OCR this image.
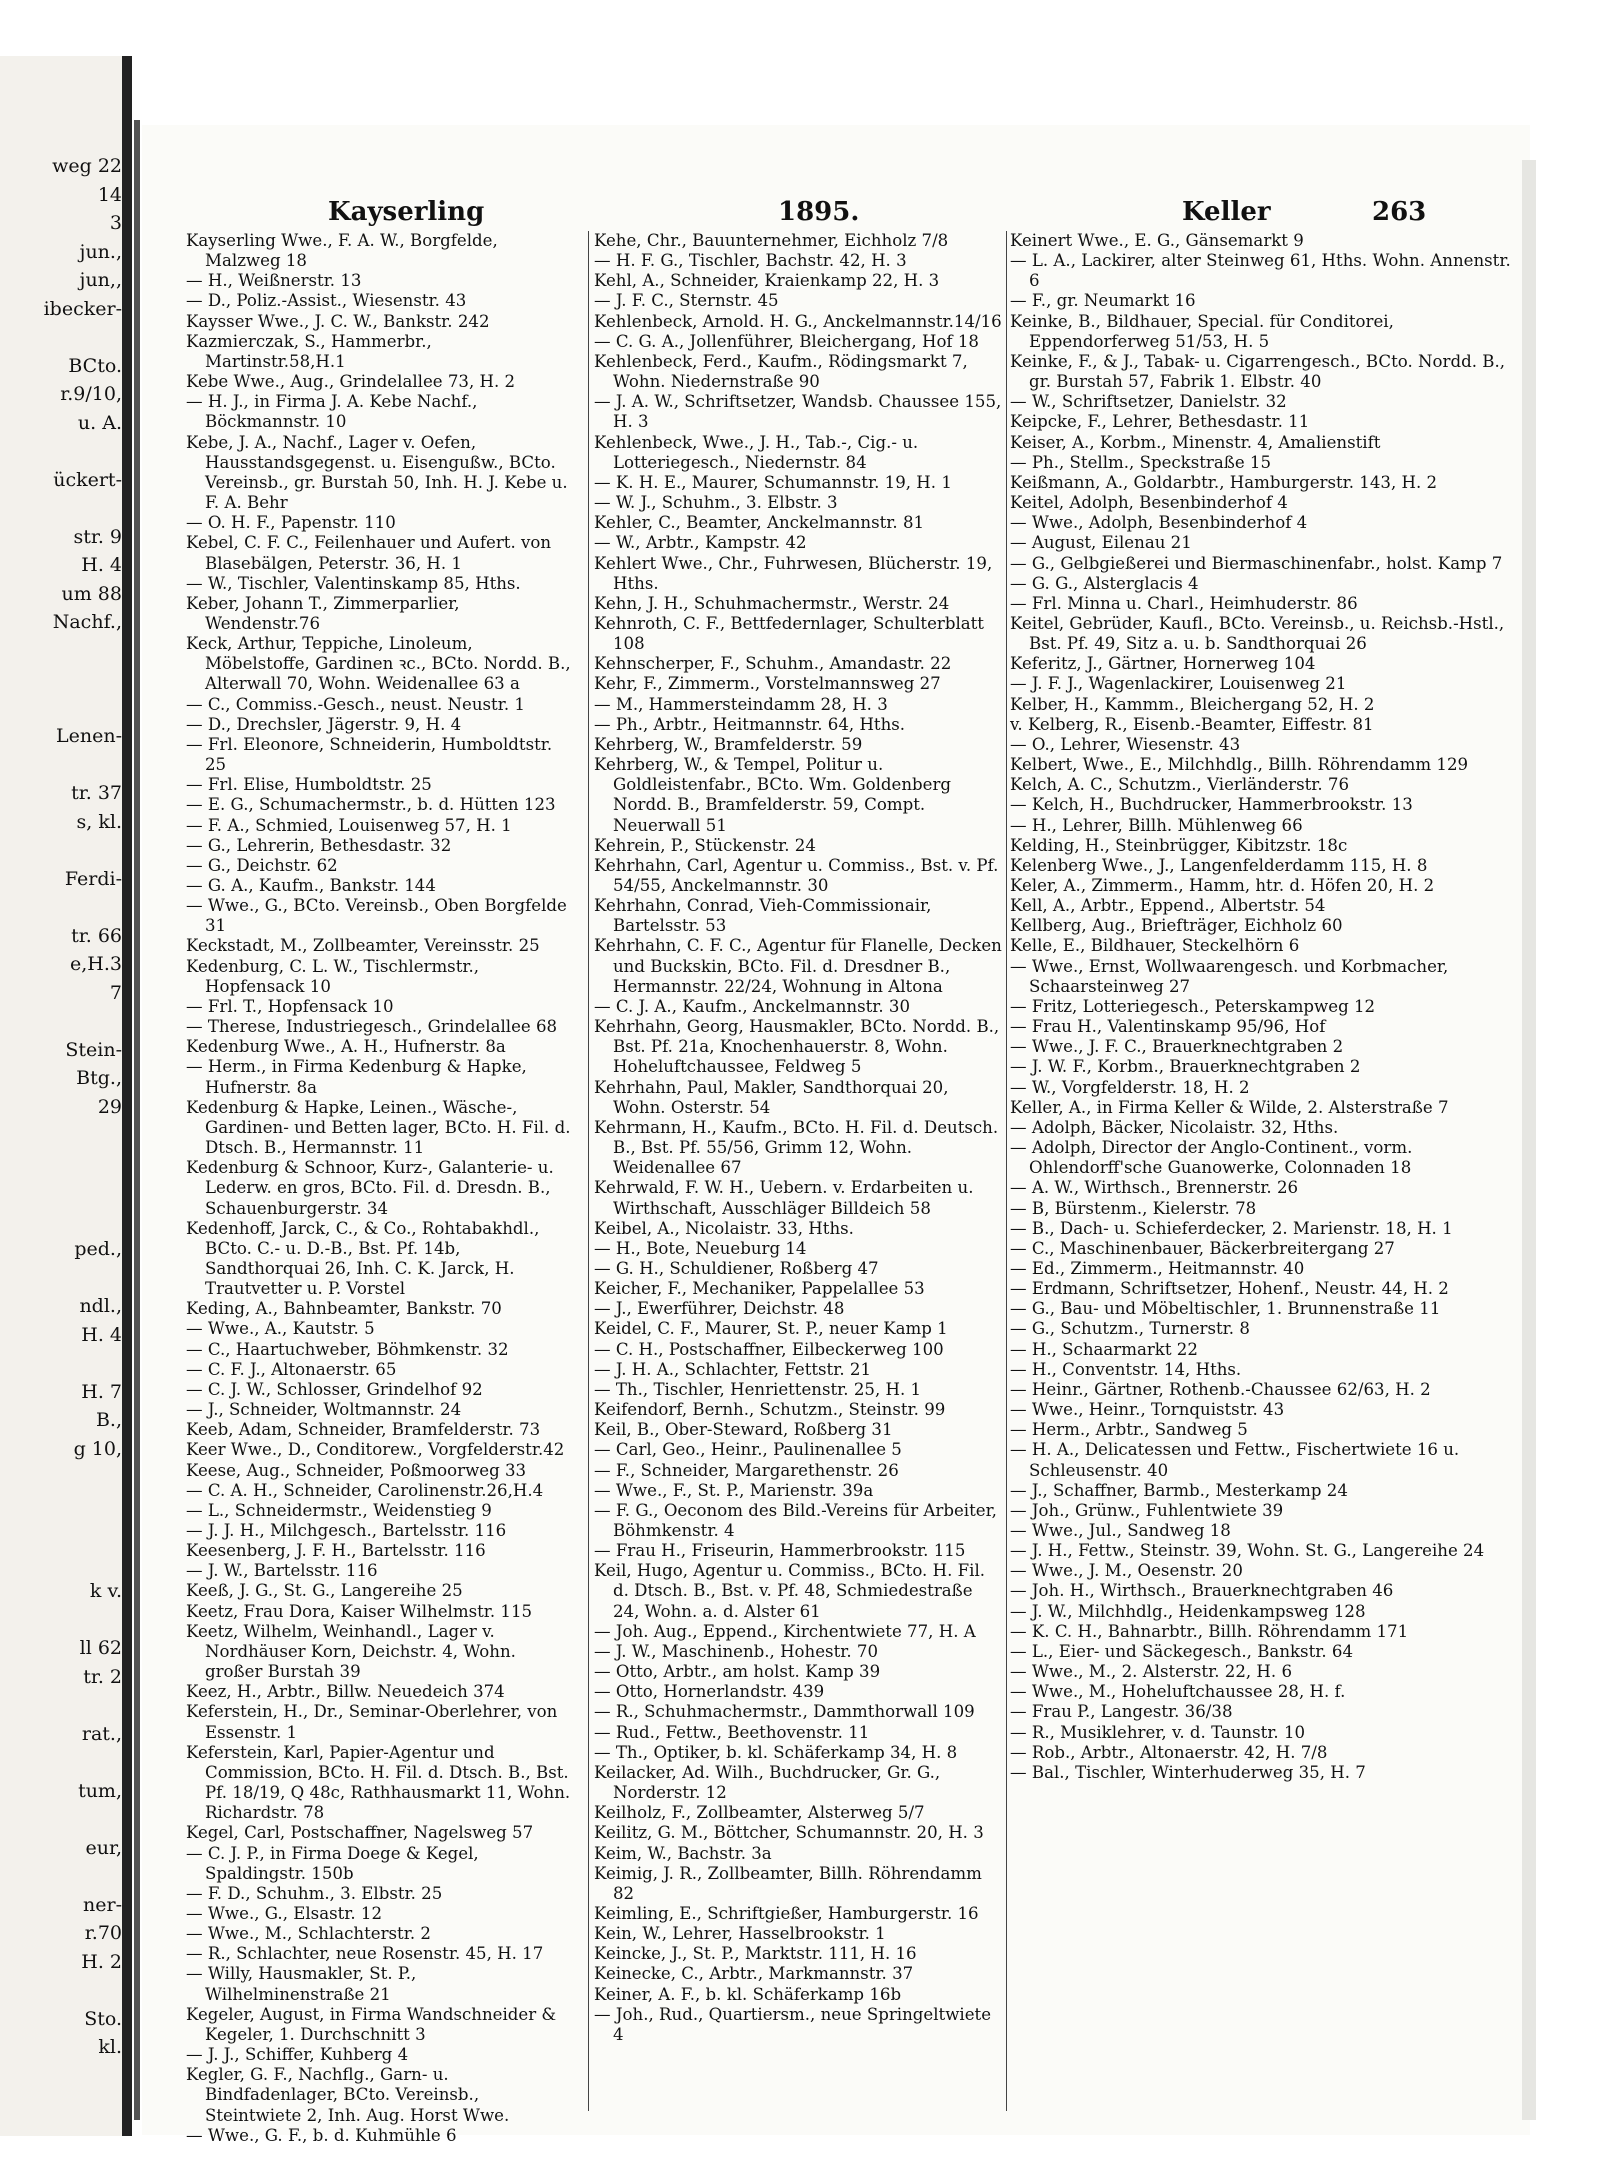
weg 22
14
3
jun.,
jun,,
ibecker-
BCto.
r.9/10,
u. A.
ückert-
str. 9
H. 4
um 88
Nachf.,
Lenen-
tr. 37
s, kl.
Ferdi-
tr. 66
e,H.3
7
Stein-
Btg.,
29
ped.,
ndl.,
H. 4
H. 7
B.,
g 10,
k v.
ll 62
tr. 2
rat.,
tum,
eur,
ner-
r.70
H. 2
Sto.
kl.
Kayserling	1895.	Keller	263

Kayserling Wwe., F. A. W., Borgfelde, Malzweg 18

— H., Weißnerstr. 13

— D., Poliz.-Assist., Wiesenstr. 43

Kaysser Wwe., J. C. W., Bankstr. 242

Kazmierczak, S., Hammerbr., Martinstr.58,H.1

Kebe Wwe., Aug., Grindelallee 73, H. 2

— H. J., in Firma J. A. Kebe Nachf., Böckmannstr. 10

Kebe, J. A., Nachf., Lager v. Oefen, Hausstandsgegenst. u. Eisengußw., BCto. Vereinsb., gr. Burstah 50, Inh. H. J. Kebe u. F. A. Behr

— O. H. F., Papenstr. 110

Kebel, C. F. C., Feilenhauer und Aufert. von Blasebälgen, Peterstr. 36, H. 1

— W., Tischler, Valentinskamp 85, Hths.

Keber, Johann T., Zimmerparlier, Wendenstr.76

Keck, Arthur, Teppiche, Linoleum, Möbelstoffe, Gardinen ꝛc., BCto. Nordd. B., Alterwall 70, Wohn. Weidenallee 63 a

— C., Commiss.-Gesch., neust. Neustr. 1

— D., Drechsler, Jägerstr. 9, H. 4

— Frl. Eleonore, Schneiderin, Humboldtstr. 25

— Frl. Elise, Humboldtstr. 25

— E. G., Schumachermstr., b. d. Hütten 123

— F. A., Schmied, Louisenweg 57, H. 1

— G., Lehrerin, Bethesdastr. 32

— G., Deichstr. 62

— G. A., Kaufm., Bankstr. 144

— Wwe., G., BCto. Vereinsb., Oben Borgfelde 31

Keckstadt, M., Zollbeamter, Vereinsstr. 25

Kedenburg, C. L. W., Tischlermstr., Hopfensack 10

— Frl. T., Hopfensack 10

— Therese, Industriegesch., Grindelallee 68

Kedenburg Wwe., A. H., Hufnerstr. 8a

— Herm., in Firma Kedenburg & Hapke, Hufnerstr. 8a

Kedenburg & Hapke, Leinen., Wäsche-, Gardinen- und Betten lager, BCto. H. Fil. d. Dtsch. B., Hermannstr. 11

Kedenburg & Schnoor, Kurz-, Galanterie- u. Lederw. en gros, BCto. Fil. d. Dresdn. B., Schauenburgerstr. 34

Kedenhoff, Jarck, C., & Co., Rohtabakhdl., BCto. C.- u. D.-B., Bst. Pf. 14b, Sandthorquai 26, Inh. C. K. Jarck, H. Trautvetter u. P. Vorstel

Keding, A., Bahnbeamter, Bankstr. 70

— Wwe., A., Kautstr. 5

— C., Haartuchweber, Böhmkenstr. 32

— C. F. J., Altonaerstr. 65

— C. J. W., Schlosser, Grindelhof 92

— J., Schneider, Woltmannstr. 24

Keeb, Adam, Schneider, Bramfelderstr. 73

Keer Wwe., D., Conditorew., Vorgfelderstr.42

Keese, Aug., Schneider, Poßmoorweg 33

— C. A. H., Schneider, Carolinenstr.26,H.4

— L., Schneidermstr., Weidenstieg 9

— J. J. H., Milchgesch., Bartelsstr. 116

Keesenberg, J. F. H., Bartelsstr. 116

— J. W., Bartelsstr. 116

Keeß, J. G., St. G., Langereihe 25

Keetz, Frau Dora, Kaiser Wilhelmstr. 115

Keetz, Wilhelm, Weinhandl., Lager v. Nordhäuser Korn, Deichstr. 4, Wohn. großer Burstah 39

Keez, H., Arbtr., Billw. Neuedeich 374

Keferstein, H., Dr., Seminar-Oberlehrer, von Essenstr. 1

Keferstein, Karl, Papier-Agentur und Commission, BCto. H. Fil. d. Dtsch. B., Bst. Pf. 18/19, Q 48c, Rathhausmarkt 11, Wohn. Richardstr. 78

Kegel, Carl, Postschaffner, Nagelsweg 57

— C. J. P., in Firma Doege & Kegel, Spaldingstr. 150b

— F. D., Schuhm., 3. Elbstr. 25

— Wwe., G., Elsastr. 12

— Wwe., M., Schlachterstr. 2

— R., Schlachter, neue Rosenstr. 45, H. 17

— Willy, Hausmakler, St. P., Wilhelminenstraße 21

Kegeler, August, in Firma Wandschneider & Kegeler, 1. Durchschnitt 3

— J. J., Schiffer, Kuhberg 4

Kegler, G. F., Nachflg., Garn- u. Bindfadenlager, BCto. Vereinsb., Steintwiete 2, Inh. Aug. Horst Wwe.

— Wwe., G. F., b. d. Kuhmühle 6

Kehe, Chr., Bauunternehmer, Eichholz 7/8

— H. F. G., Tischler, Bachstr. 42, H. 3

Kehl, A., Schneider, Kraienkamp 22, H. 3

— J. F. C., Sternstr. 45

Kehlenbeck, Arnold. H. G., Anckelmannstr.14/16

— C. G. A., Jollenführer, Bleichergang, Hof 18

Kehlenbeck, Ferd., Kaufm., Rödingsmarkt 7, Wohn. Niedernstraße 90

— J. A. W., Schriftsetzer, Wandsb. Chaussee 155, H. 3

Kehlenbeck, Wwe., J. H., Tab.-, Cig.- u. Lotteriegesch., Niedernstr. 84

— K. H. E., Maurer, Schumannstr. 19, H. 1

— W. J., Schuhm., 3. Elbstr. 3

Kehler, C., Beamter, Anckelmannstr. 81

— W., Arbtr., Kampstr. 42

Kehlert Wwe., Chr., Fuhrwesen, Blücherstr. 19, Hths.

Kehn, J. H., Schuhmachermstr., Werstr. 24

Kehnroth, C. F., Bettfedernlager, Schulterblatt 108

Kehnscherper, F., Schuhm., Amandastr. 22

Kehr, F., Zimmerm., Vorstelmannsweg 27

— M., Hammersteindamm 28, H. 3

— Ph., Arbtr., Heitmannstr. 64, Hths.

Kehrberg, W., Bramfelderstr. 59

Kehrberg, W., & Tempel, Politur u. Goldleistenfabr., BCto. Wm. Goldenberg Nordd. B., Bramfelderstr. 59, Compt. Neuerwall 51

Kehrein, P., Stückenstr. 24

Kehrhahn, Carl, Agentur u. Commiss., Bst. v. Pf. 54/55, Anckelmannstr. 30

Kehrhahn, Conrad, Vieh-Commissionair, Bartelsstr. 53

Kehrhahn, C. F. C., Agentur für Flanelle, Decken und Buckskin, BCto. Fil. d. Dresdner B., Hermannstr. 22/24, Wohnung in Altona

— C. J. A., Kaufm., Anckelmannstr. 30

Kehrhahn, Georg, Hausmakler, BCto. Nordd. B., Bst. Pf. 21a, Knochenhauerstr. 8, Wohn. Hoheluftchaussee, Feldweg 5

Kehrhahn, Paul, Makler, Sandthorquai 20, Wohn. Osterstr. 54

Kehrmann, H., Kaufm., BCto. H. Fil. d. Deutsch. B., Bst. Pf. 55/56, Grimm 12, Wohn. Weidenallee 67

Kehrwald, F. W. H., Uebern. v. Erdarbeiten u. Wirthschaft, Ausschläger Billdeich 58

Keibel, A., Nicolaistr. 33, Hths.

— H., Bote, Neueburg 14

— G. H., Schuldiener, Roßberg 47

Keicher, F., Mechaniker, Pappelallee 53

— J., Ewerführer, Deichstr. 48

Keidel, C. F., Maurer, St. P., neuer Kamp 1

— C. H., Postschaffner, Eilbeckerweg 100

— J. H. A., Schlachter, Fettstr. 21

— Th., Tischler, Henriettenstr. 25, H. 1

Keifendorf, Bernh., Schutzm., Steinstr. 99

Keil, B., Ober-Steward, Roßberg 31

— Carl, Geo., Heinr., Paulinenallee 5

— F., Schneider, Margarethenstr. 26

— Wwe., F., St. P., Marienstr. 39a

— F. G., Oeconom des Bild.-Vereins für Arbeiter, Böhmkenstr. 4

— Frau H., Friseurin, Hammerbrookstr. 115

Keil, Hugo, Agentur u. Commiss., BCto. H. Fil. d. Dtsch. B., Bst. v. Pf. 48, Schmiedestraße 24, Wohn. a. d. Alster 61

— Joh. Aug., Eppend., Kirchentwiete 77, H. A

— J. W., Maschinenb., Hohestr. 70

— Otto, Arbtr., am holst. Kamp 39

— Otto, Hornerlandstr. 439

— R., Schuhmachermstr., Dammthorwall 109

— Rud., Fettw., Beethovenstr. 11

— Th., Optiker, b. kl. Schäferkamp 34, H. 8

Keilacker, Ad. Wilh., Buchdrucker, Gr. G., Norderstr. 12

Keilholz, F., Zollbeamter, Alsterweg 5/7

Keilitz, G. M., Böttcher, Schumannstr. 20, H. 3

Keim, W., Bachstr. 3a

Keimig, J. R., Zollbeamter, Billh. Röhrendamm 82

Keimling, E., Schriftgießer, Hamburgerstr. 16

Kein, W., Lehrer, Hasselbrookstr. 1

Keincke, J., St. P., Marktstr. 111, H. 16

Keinecke, C., Arbtr., Markmannstr. 37

Keiner, A. F., b. kl. Schäferkamp 16b

— Joh., Rud., Quartiersm., neue Springeltwiete 4

Keinert Wwe., E. G., Gänsemarkt 9

— L. A., Lackirer, alter Steinweg 61, Hths. Wohn. Annenstr. 6

— F., gr. Neumarkt 16

Keinke, B., Bildhauer, Special. für Conditorei, Eppendorferweg 51/53, H. 5

Keinke, F., & J., Tabak- u. Cigarrengesch., BCto. Nordd. B., gr. Burstah 57, Fabrik 1. Elbstr. 40

— W., Schriftsetzer, Danielstr. 32

Keipcke, F., Lehrer, Bethesdastr. 11

Keiser, A., Korbm., Minenstr. 4, Amalienstift

— Ph., Stellm., Speckstraße 15

Keißmann, A., Goldarbtr., Hamburgerstr. 143, H. 2

Keitel, Adolph, Besenbinderhof 4

— Wwe., Adolph, Besenbinderhof 4

— August, Eilenau 21

— G., Gelbgießerei und Biermaschinenfabr., holst. Kamp 7

— G. G., Alsterglacis 4

— Frl. Minna u. Charl., Heimhuderstr. 86

Keitel, Gebrüder, Kaufl., BCto. Vereinsb., u. Reichsb.-Hstl., Bst. Pf. 49, Sitz a. u. b. Sandthorquai 26

Keferitz, J., Gärtner, Hornerweg 104

— J. F. J., Wagenlackirer, Louisenweg 21

Kelber, H., Kammm., Bleichergang 52, H. 2

v. Kelberg, R., Eisenb.-Beamter, Eiffestr. 81

— O., Lehrer, Wiesenstr. 43

Kelbert, Wwe., E., Milchhdlg., Billh. Röhrendamm 129

Kelch, A. C., Schutzm., Vierländerstr. 76

— Kelch, H., Buchdrucker, Hammerbrookstr. 13

— H., Lehrer, Billh. Mühlenweg 66

Kelding, H., Steinbrügger, Kibitzstr. 18c

Kelenberg Wwe., J., Langenfelderdamm 115, H. 8

Keler, A., Zimmerm., Hamm, htr. d. Höfen 20, H. 2

Kell, A., Arbtr., Eppend., Albertstr. 54

Kellberg, Aug., Briefträger, Eichholz 60

Kelle, E., Bildhauer, Steckelhörn 6

— Wwe., Ernst, Wollwaarengesch. und Korbmacher, Schaarsteinweg 27

— Fritz, Lotteriegesch., Peterskampweg 12

— Frau H., Valentinskamp 95/96, Hof

— Wwe., J. F. C., Brauerknechtgraben 2

— J. W. F., Korbm., Brauerknechtgraben 2

— W., Vorgfelderstr. 18, H. 2

Keller, A., in Firma Keller & Wilde, 2. Alsterstraße 7

— Adolph, Bäcker, Nicolaistr. 32, Hths.

— Adolph, Director der Anglo-Continent., vorm. Ohlendorff'sche Guanowerke, Colonnaden 18

— A. W., Wirthsch., Brennerstr. 26

— B, Bürstenm., Kielerstr. 78

— B., Dach- u. Schieferdecker, 2. Marienstr. 18, H. 1

— C., Maschinenbauer, Bäckerbreitergang 27

— Ed., Zimmerm., Heitmannstr. 40

— Erdmann, Schriftsetzer, Hohenf., Neustr. 44, H. 2

— G., Bau- und Möbeltischler, 1. Brunnenstraße 11

— G., Schutzm., Turnerstr. 8

— H., Schaarmarkt 22

— H., Conventstr. 14, Hths.

— Heinr., Gärtner, Rothenb.-Chaussee 62/63, H. 2

— Wwe., Heinr., Tornquiststr. 43

— Herm., Arbtr., Sandweg 5

— H. A., Delicatessen und Fettw., Fischertwiete 16 u. Schleusenstr. 40

— J., Schaffner, Barmb., Mesterkamp 24

— Joh., Grünw., Fuhlentwiete 39

— Wwe., Jul., Sandweg 18

— J. H., Fettw., Steinstr. 39, Wohn. St. G., Langereihe 24

— Wwe., J. M., Oesenstr. 20

— Joh. H., Wirthsch., Brauerknechtgraben 46

— J. W., Milchhdlg., Heidenkampsweg 128

— K. C. H., Bahnarbtr., Billh. Röhrendamm 171

— L., Eier- und Säckegesch., Bankstr. 64

— Wwe., M., 2. Alsterstr. 22, H. 6

— Wwe., M., Hoheluftchaussee 28, H. f.

— Frau P., Langestr. 36/38

— R., Musiklehrer, v. d. Taunstr. 10

— Rob., Arbtr., Altonaerstr. 42, H. 7/8

— Bal., Tischler, Winterhuderweg 35, H. 7
